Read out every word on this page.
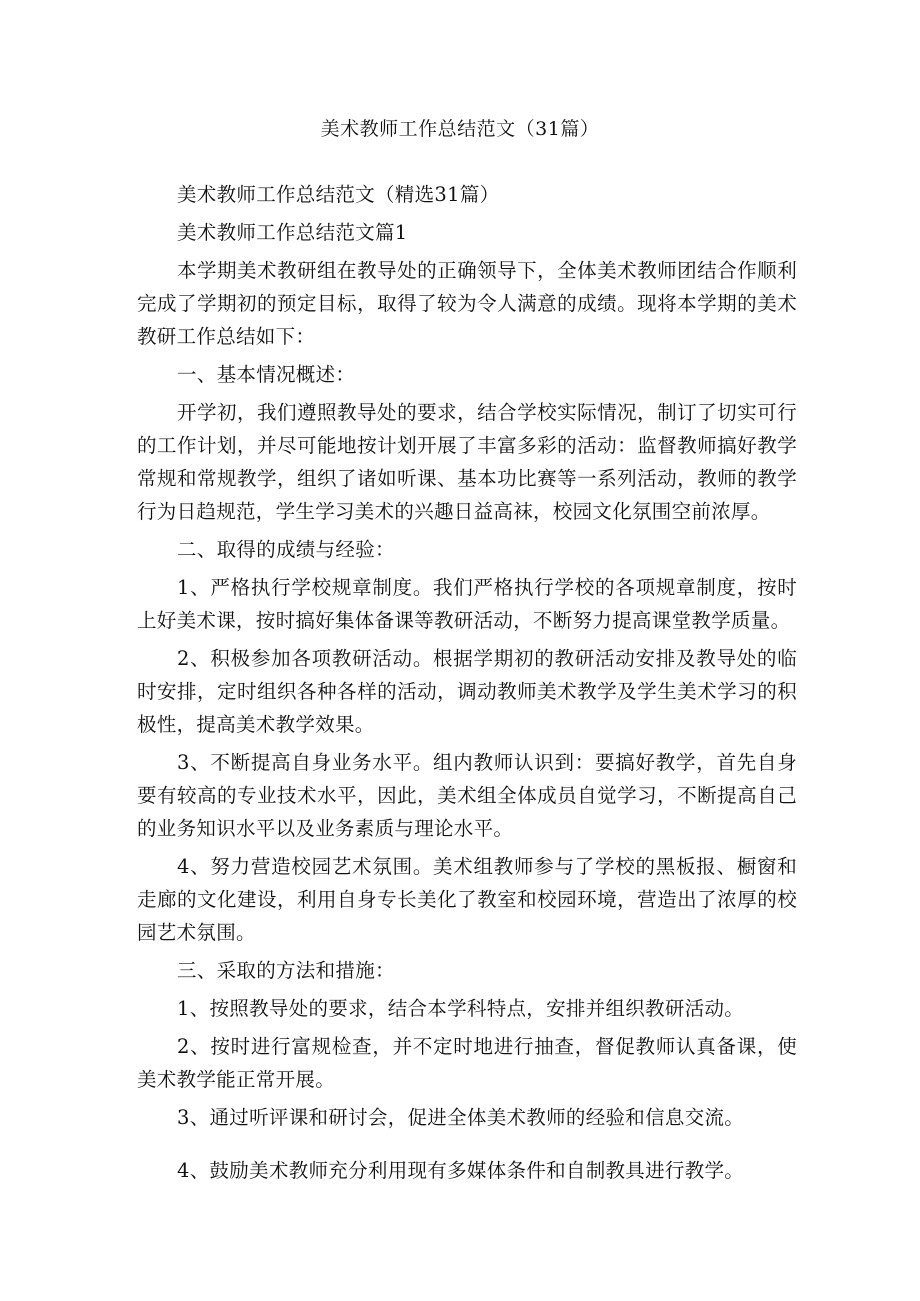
美术教师工作总结范文（31篇）

美术教师工作总结范文（精选31篇）

美术教师工作总结范文篇1

本学期美术教研组在教导处的正确领导下，全体美术教师团结合作顺利完成了学期初的预定目标，取得了较为令人满意的成绩。现将本学期的美术教研工作总结如下：

一、基本情况概述：

开学初，我们遵照教导处的要求，结合学校实际情况，制订了切实可行的工作计划，并尽可能地按计划开展了丰富多彩的活动：监督教师搞好教学常规和常规教学，组织了诸如听课、基本功比赛等一系列活动，教师的教学行为日趋规范，学生学习美术的兴趣日益高袜，校园文化氛围空前浓厚。

二、取得的成绩与经验：

1、严格执行学校规章制度。我们严格执行学校的各项规章制度，按时上好美术课，按时搞好集体备课等教研活动，不断努力提高课堂教学质量。

2、积极参加各项教研活动。根据学期初的教研活动安排及教导处的临时安排，定时组织各种各样的活动，调动教师美术教学及学生美术学习的积极性，提高美术教学效果。

3、不断提高自身业务水平。组内教师认识到：要搞好教学，首先自身要有较高的专业技术水平，因此，美术组全体成员自觉学习，不断提高自己的业务知识水平以及业务素质与理论水平。

4、努力营造校园艺术氛围。美术组教师参与了学校的黑板报、橱窗和走廊的文化建设，利用自身专长美化了教室和校园环境，营造出了浓厚的校园艺术氛围。

三、采取的方法和措施：

1、按照教导处的要求，结合本学科特点，安排并组织教研活动。

2、按时进行富规检查，并不定时地进行抽查，督促教师认真备课，使美术教学能正常开展。

3、通过听评课和研讨会，促进全体美术教师的经验和信息交流。

4、鼓励美术教师充分利用现有多媒体条件和自制教具进行教学。
